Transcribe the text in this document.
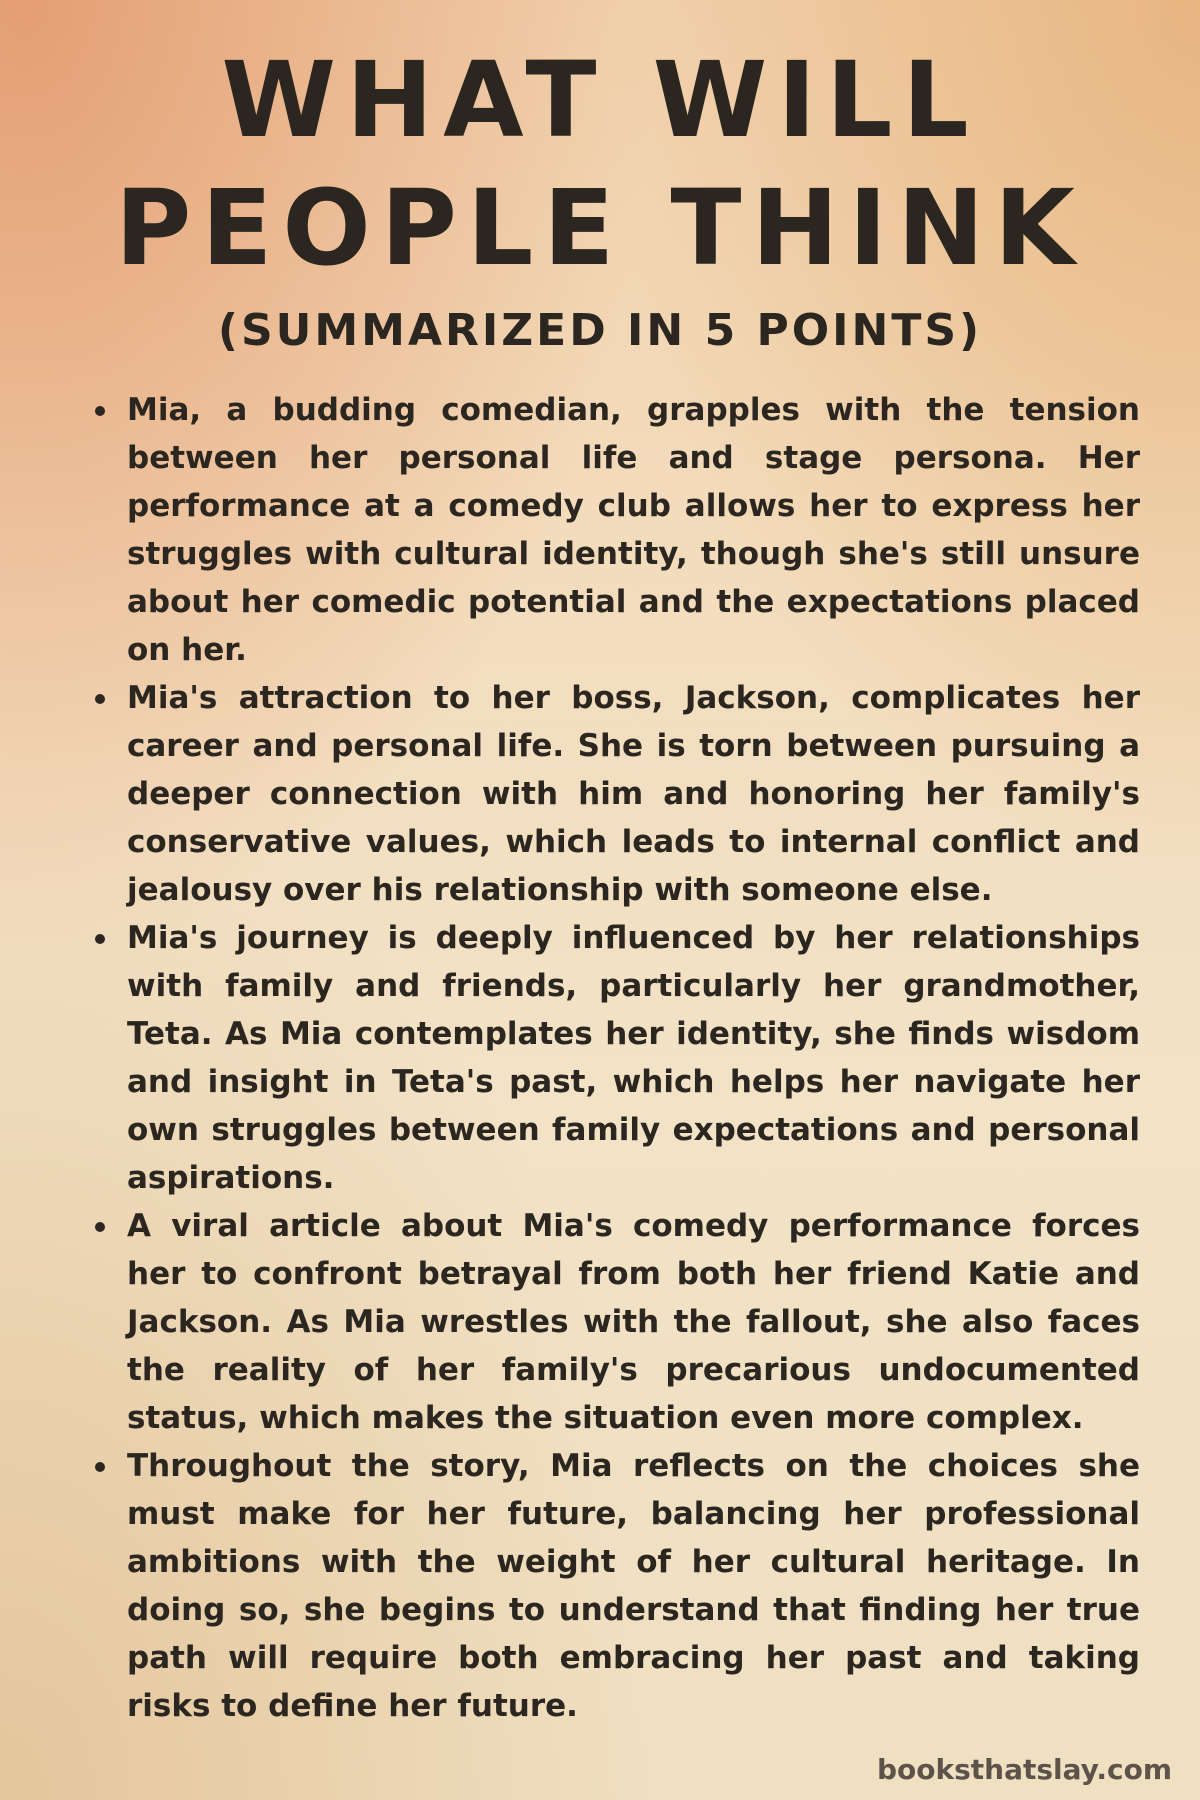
WHAT WILL
PEOPLE THINK
(SUMMARIZED IN 5 POINTS)
Mia, a budding comedian, grapples with the tension between her personal life and stage persona. Her performance at a comedy club allows her to express her struggles with cultural identity, though she's still unsure about her comedic potential and the expectations placed on her.
Mia's attraction to her boss, Jackson, complicates her career and personal life. She is torn between pursuing a deeper connection with him and honoring her family's conservative values, which leads to internal conflict and jealousy over his relationship with someone else.
Mia's journey is deeply influenced by her relationships with family and friends, particularly her grandmother, Teta. As Mia contemplates her identity, she finds wisdom and insight in Teta's past, which helps her navigate her own struggles between family expectations and personal aspirations.
A viral article about Mia's comedy performance forces her to confront betrayal from both her friend Katie and Jackson. As Mia wrestles with the fallout, she also faces the reality of her family's precarious undocumented status, which makes the situation even more complex.
Throughout the story, Mia reflects on the choices she must make for her future, balancing her professional ambitions with the weight of her cultural heritage. In doing so, she begins to understand that finding her true path will require both embracing her past and taking risks to define her future.
booksthatslay.com
